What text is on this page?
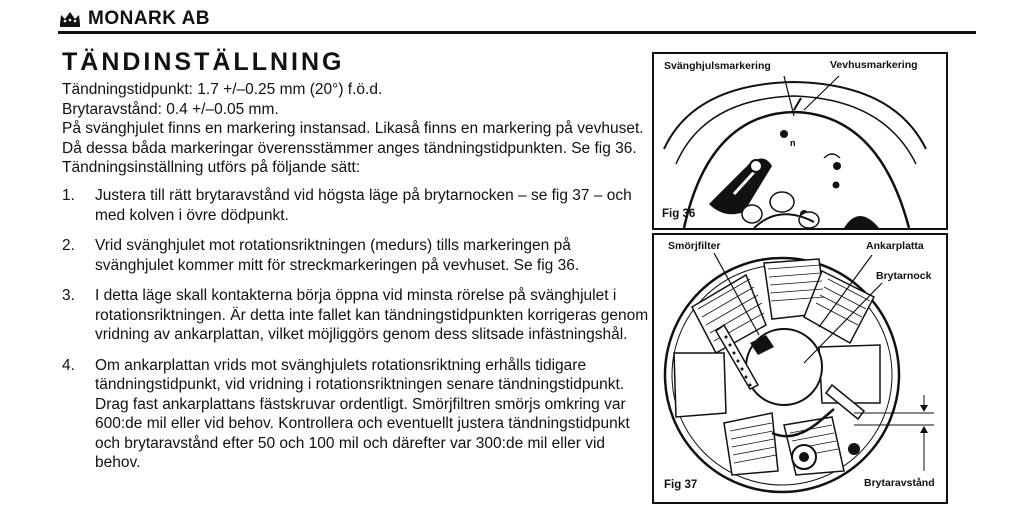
MONARK AB
TÄNDINSTÄLLNING

Tändningstidpunkt: 1.7 +/–0.25 mm (20°) f.ö.d.

Brytaravstånd: 0.4 +/–0.05 mm.

På svänghjulet finns en markering instansad. Likaså finns en markering på vevhuset. Då dessa båda markeringar överensstämmer anges tändningstidpunkten. Se fig 36. Tändningsinställning utförs på följande sätt:

1.	Justera till rätt brytaravstånd vid högsta läge på brytarnocken – se fig 37 – och med kolven i övre dödpunkt.
2.	Vrid svänghjulet mot rotationsriktningen (medurs) tills markeringen på svänghjulet kommer mitt för streckmarkeringen på vevhuset. Se fig 36.
3.	I detta läge skall kontakterna börja öppna vid minsta rörelse på svänghjulet i rotationsriktningen. Är detta inte fallet kan tändningstidpunkten korrigeras genom vridning av ankarplattan, vilket möjliggörs genom dess slitsade infästningshål.
4.	Om ankarplattan vrids mot svänghjulets rotationsriktning erhålls tidigare tändningstidpunkt, vid vridning i rotationsriktningen senare tändningstidpunkt. Drag fast ankarplattans fästskruvar ordentligt. Smörjfiltren smörjs omkring var 600:de mil eller vid behov. Kontrollera och eventuellt justera tändningstidpunkt och brytaravstånd efter 50 och 100 mil och därefter var 300:de mil eller vid behov.
n
Svänghjulsmarkering	Vevhusmarkering
Fig 36
Smörjfilter	Ankarplatta
Brytarnock
Brytaravstånd
Fig 37
